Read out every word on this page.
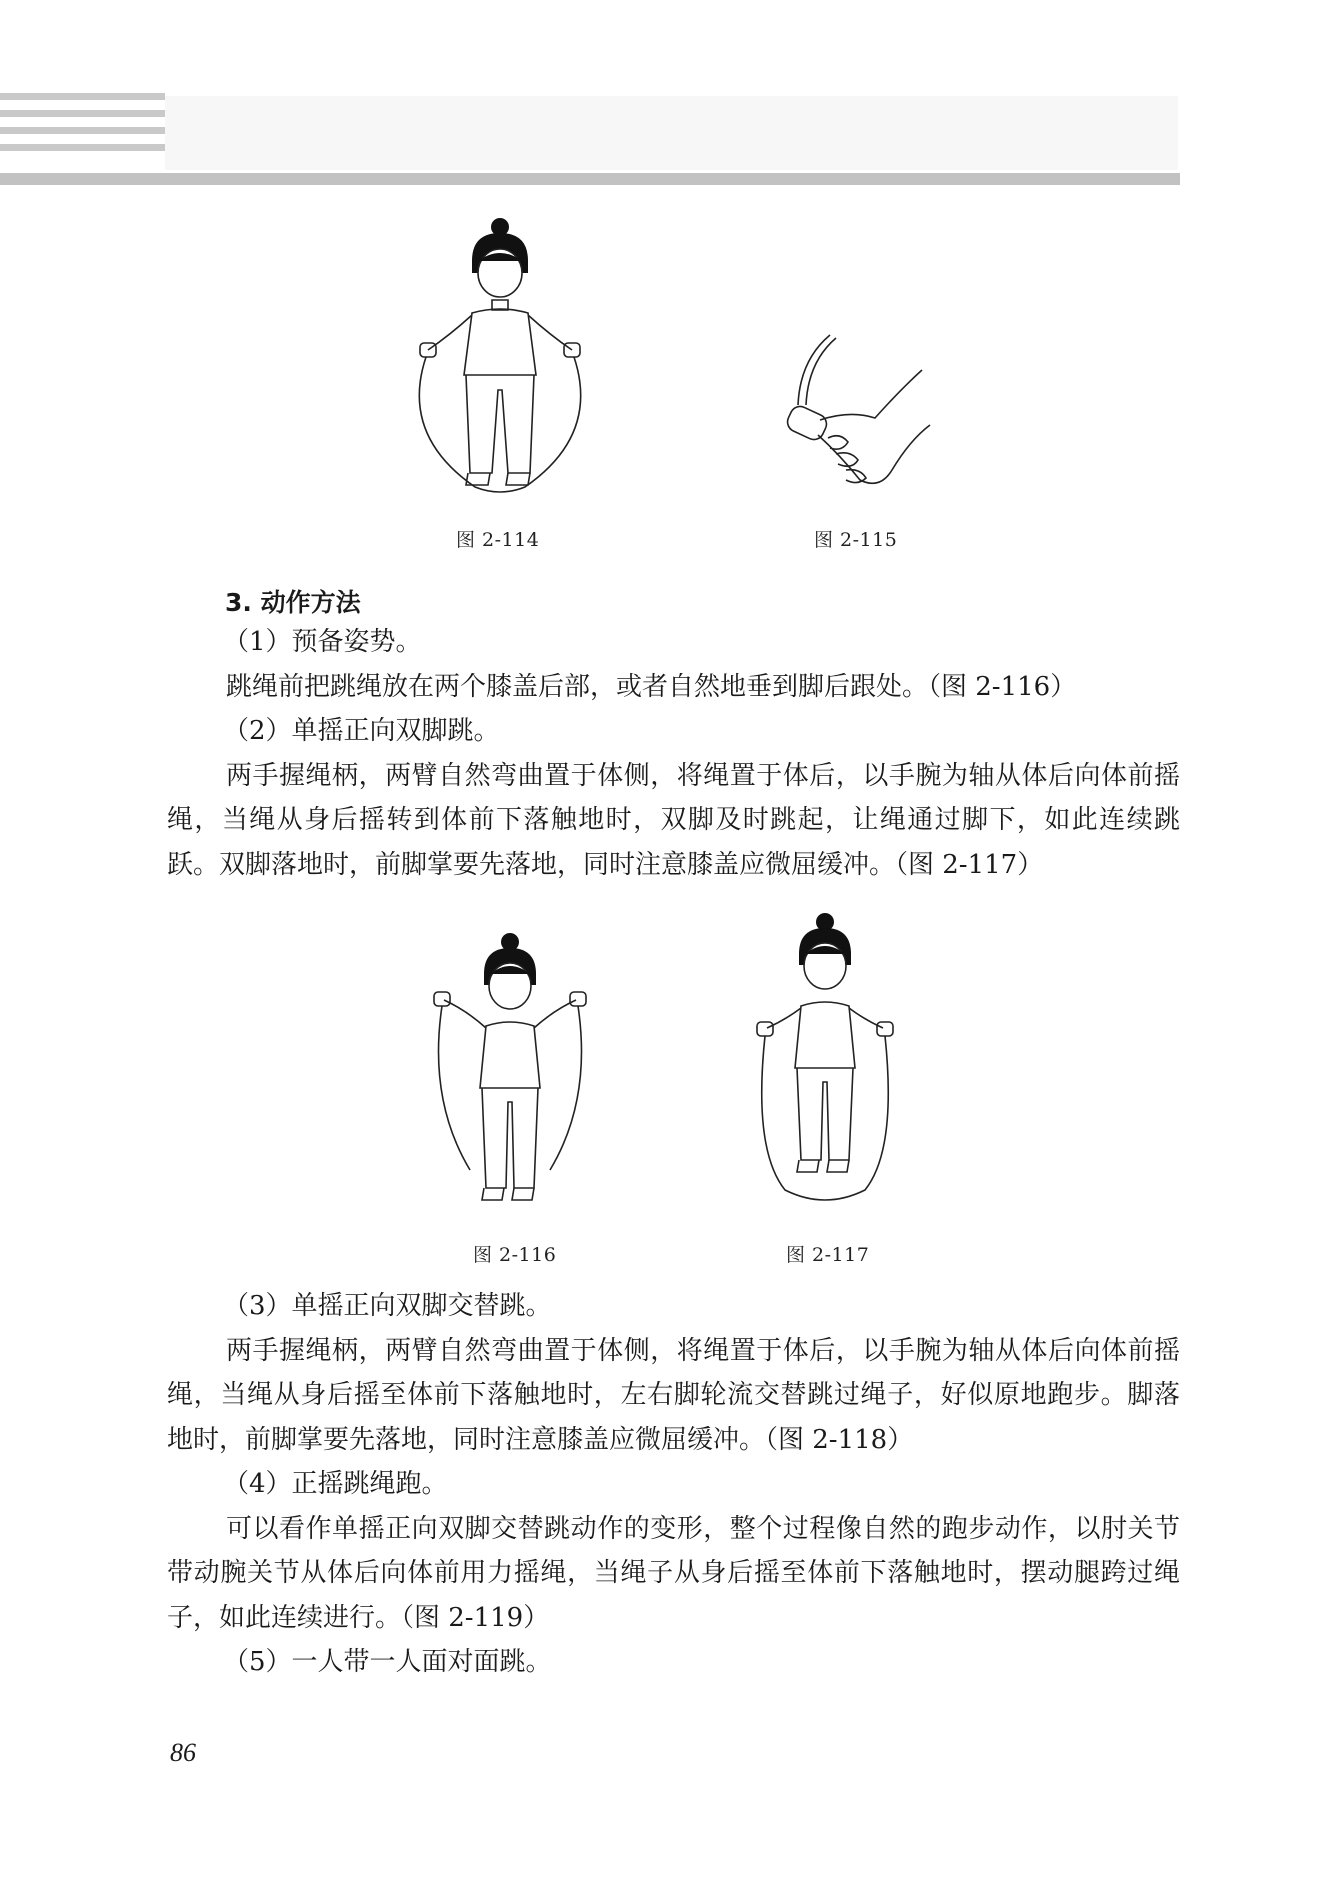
图 2-114	图 2-115
3. 动作方法

（1）预备姿势。

跳绳前把跳绳放在两个膝盖后部，或者自然地垂到脚后跟处。（图 2-116）

（2）单摇正向双脚跳。

两手握绳柄，两臂自然弯曲置于体侧，将绳置于体后，以手腕为轴从体后向体前摇绳，当绳从身后摇转到体前下落触地时，双脚及时跳起，让绳通过脚下，如此连续跳跃。双脚落地时，前脚掌要先落地，同时注意膝盖应微屈缓冲。（图 2-117）

图 2-116	图 2-117

（3）单摇正向双脚交替跳。

两手握绳柄，两臂自然弯曲置于体侧，将绳置于体后，以手腕为轴从体后向体前摇绳，当绳从身后摇至体前下落触地时，左右脚轮流交替跳过绳子，好似原地跑步。脚落地时，前脚掌要先落地，同时注意膝盖应微屈缓冲。（图 2-118）

（4）正摇跳绳跑。

可以看作单摇正向双脚交替跳动作的变形，整个过程像自然的跑步动作，以肘关节带动腕关节从体后向体前用力摇绳，当绳子从身后摇至体前下落触地时，摆动腿跨过绳子，如此连续进行。（图 2-119）

（5）一人带一人面对面跳。

86
